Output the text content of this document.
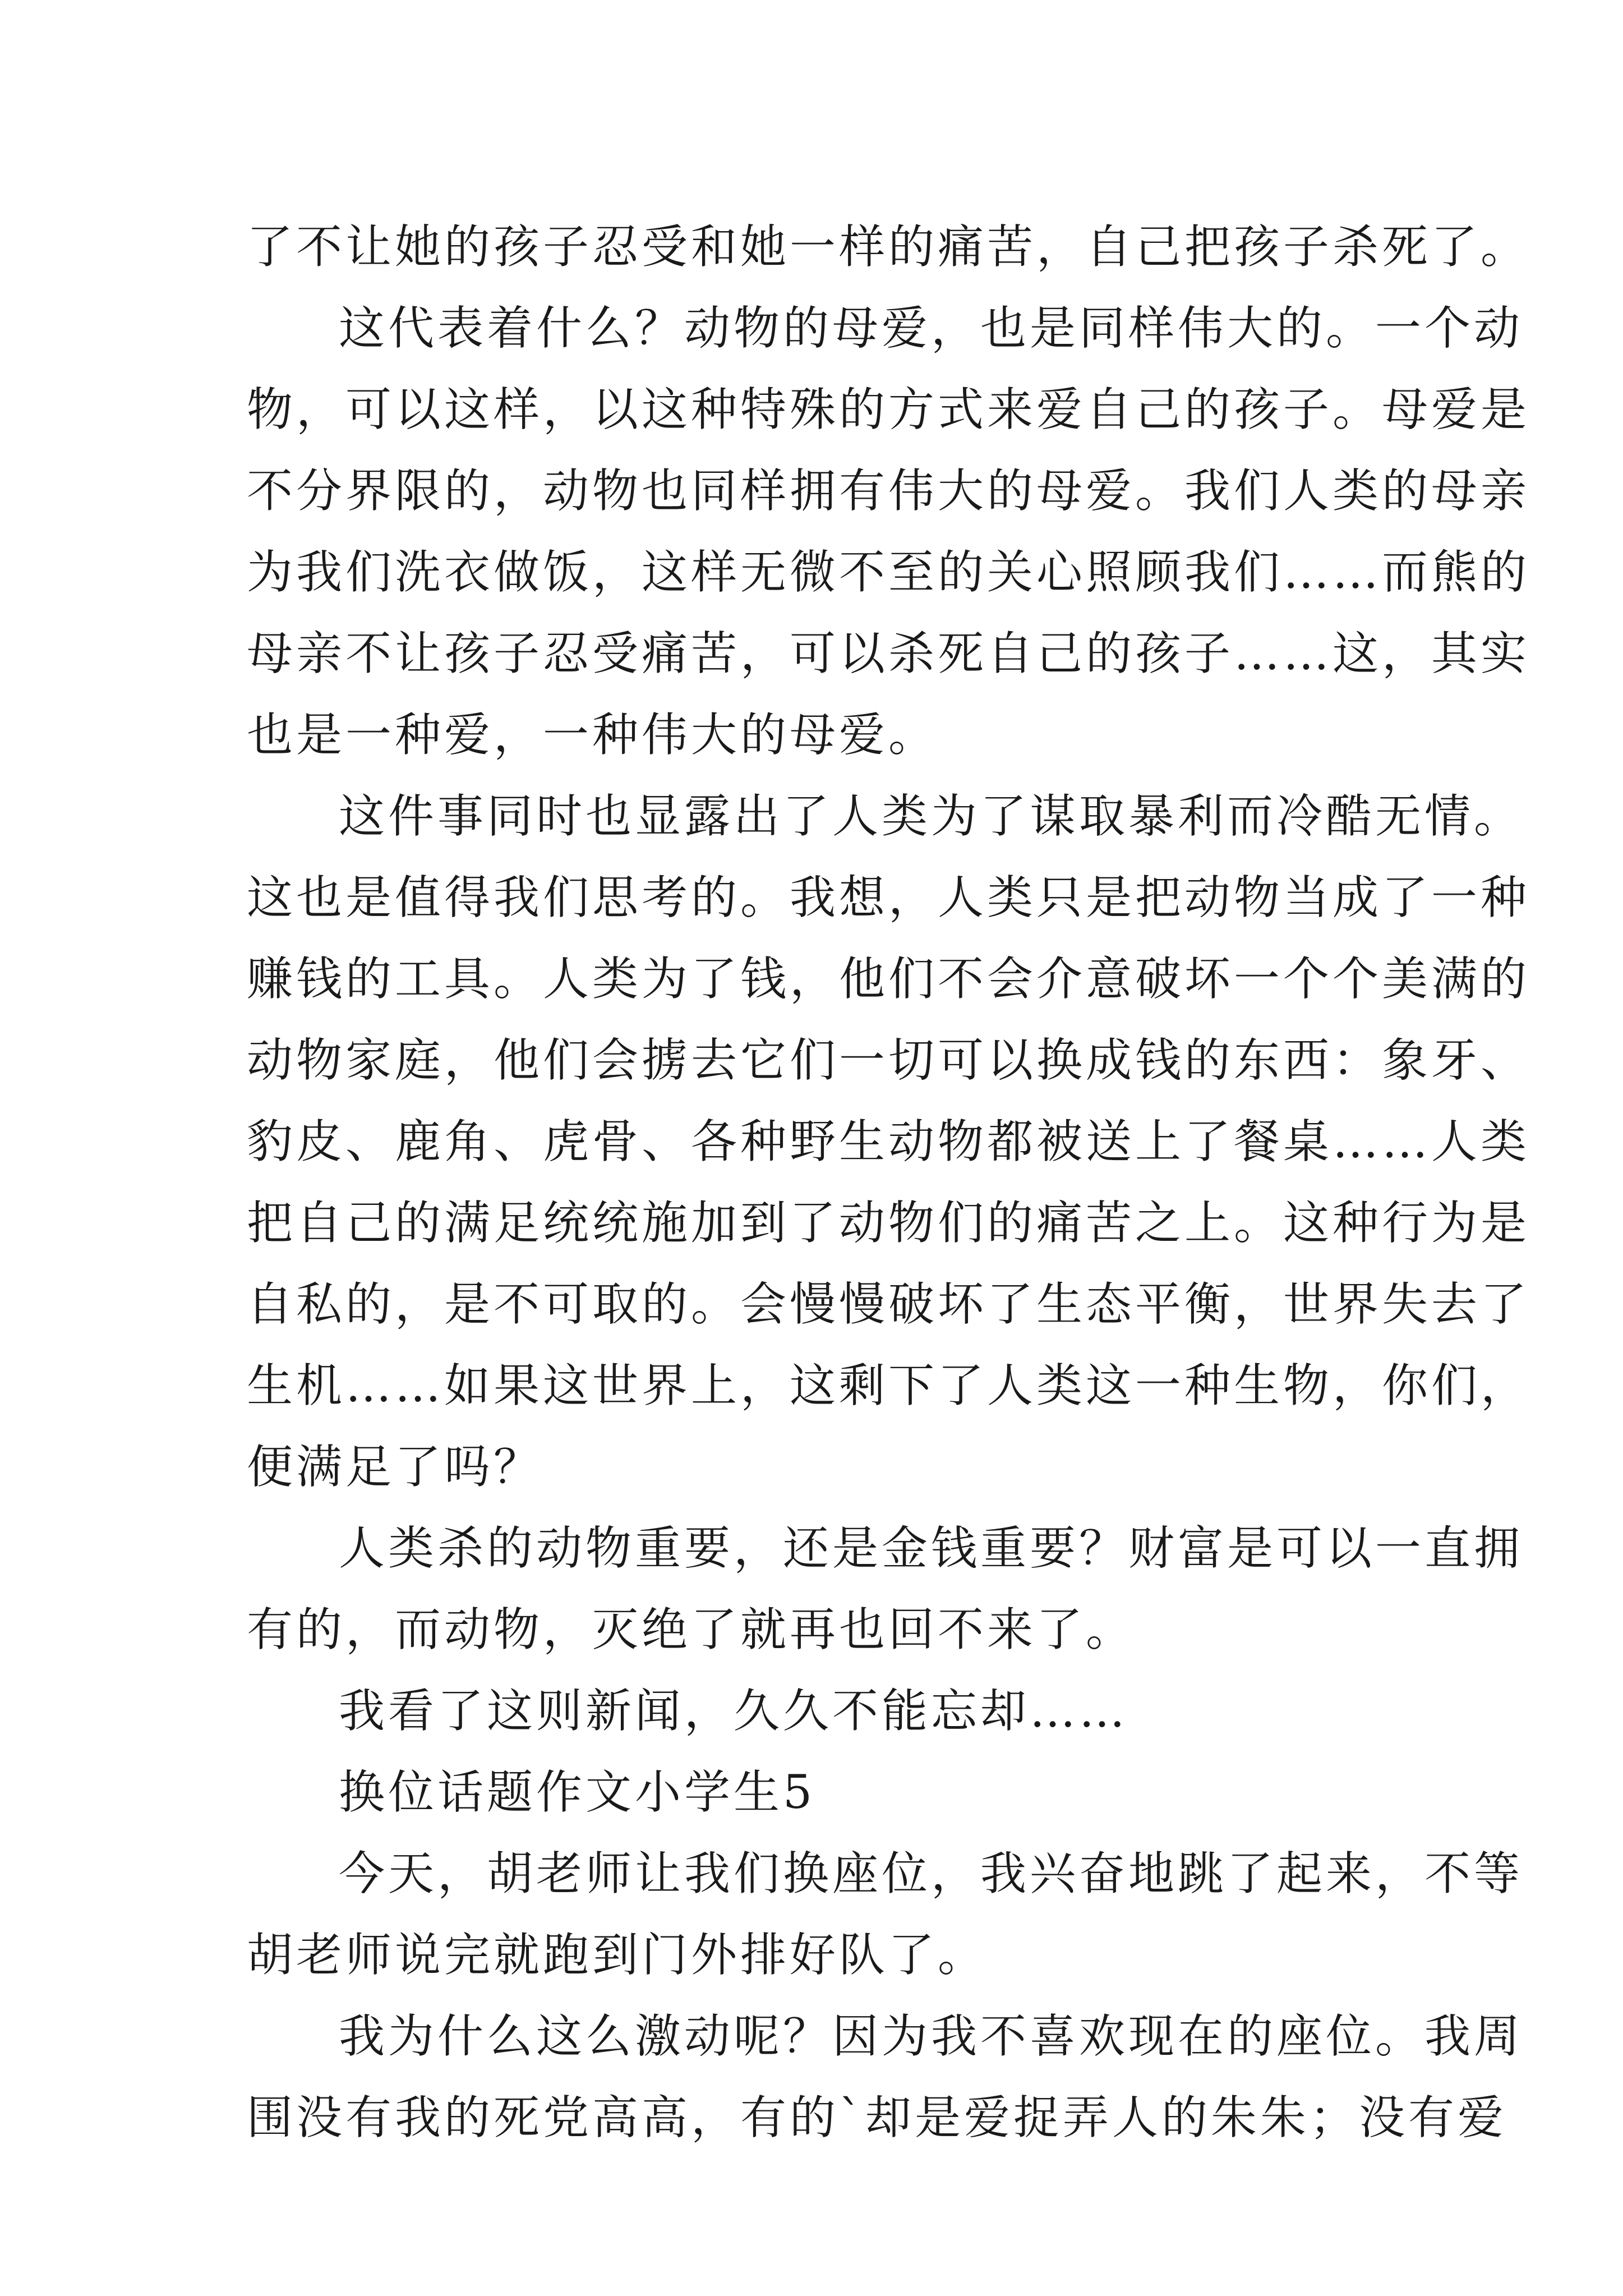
了不让她的孩子忍受和她一样的痛苦，自己把孩子杀死了。
这代表着什么？动物的母爱，也是同样伟大的。一个动
物，可以这样，以这种特殊的方式来爱自己的孩子。母爱是
不分界限的，动物也同样拥有伟大的母爱。我们人类的母亲
为我们洗衣做饭，这样无微不至的关心照顾我们……而熊的
母亲不让孩子忍受痛苦，可以杀死自己的孩子……这，其实
也是一种爱，一种伟大的母爱。
这件事同时也显露出了人类为了谋取暴利而冷酷无情。
这也是值得我们思考的。我想，人类只是把动物当成了一种
赚钱的工具。人类为了钱，他们不会介意破坏一个个美满的
动物家庭，他们会掳去它们一切可以换成钱的东西：象牙、
豹皮、鹿角、虎骨、各种野生动物都被送上了餐桌……人类
把自己的满足统统施加到了动物们的痛苦之上。这种行为是
自私的，是不可取的。会慢慢破坏了生态平衡，世界失去了
生机……如果这世界上，这剩下了人类这一种生物，你们，
便满足了吗？
人类杀的动物重要，还是金钱重要？财富是可以一直拥
有的，而动物，灭绝了就再也回不来了。
我看了这则新闻，久久不能忘却……
换位话题作文小学生5
今天，胡老师让我们换座位，我兴奋地跳了起来，不等
胡老师说完就跑到门外排好队了。
我为什么这么激动呢？因为我不喜欢现在的座位。我周
围没有我的死党高高，有的`却是爱捉弄人的朱朱；没有爱
